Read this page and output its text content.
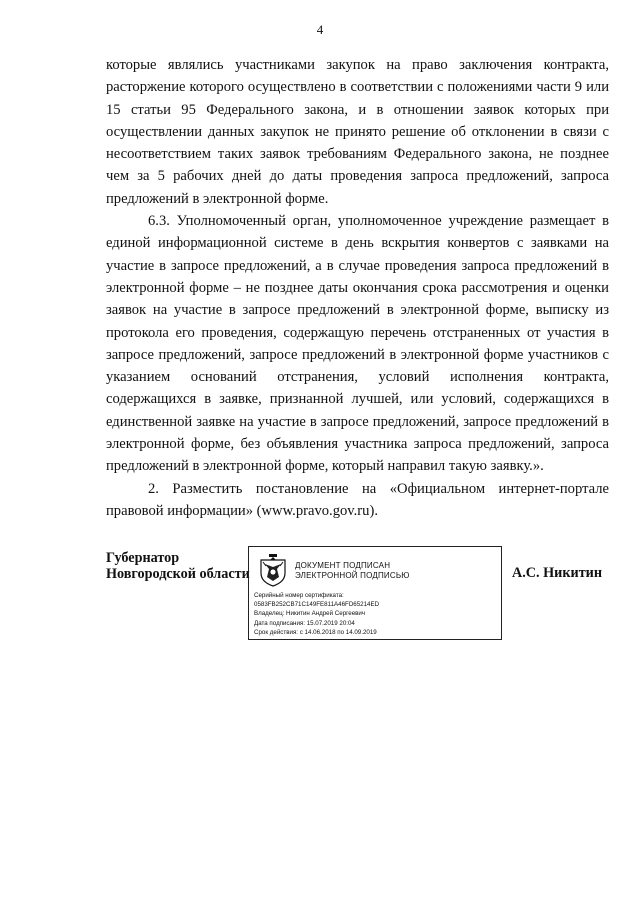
4

которые являлись участниками закупок на право заключения контракта, расторжение которого осуществлено в соответствии с положениями части 9 или 15 статьи 95 Федерального закона, и в отношении заявок которых при осуществлении данных закупок не принято решение об отклонении в связи с несоответствием таких заявок требованиям Федерального закона, не позднее чем за 5 рабочих дней до даты проведения запроса предложений, запроса предложений в электронной форме.

6.3. Уполномоченный орган, уполномоченное учреждение размещает в единой информационной системе в день вскрытия конвертов с заявками на участие в запросе предложений, а в случае проведения запроса предложений в электронной форме – не позднее даты окончания срока рассмотрения и оценки заявок на участие в запросе предложений в электронной форме, выписку из протокола его проведения, содержащую перечень отстраненных от участия в запросе предложений, запросе предложений в электронной форме участников с указанием оснований отстранения, условий исполнения контракта, содержащихся в заявке, признанной лучшей, или условий, содержащихся в единственной заявке на участие в запросе предложений, запросе предложений в электронной форме, без объявления участника запроса предложений, запроса предложений в электронной форме, который направил такую заявку.».

2. Разместить постановление на «Официальном интернет-портале правовой информации» (www.pravo.gov.ru).

Губернатор
Новгородской области
ДОКУМЕНТ ПОДПИСАН
ЭЛЕКТРОННОЙ ПОДПИСЬЮ
Серийный номер сертификата:
0583FB252CB71C149FE811A46FD65214ED
Владелец: Никитин Андрей Сергеевич
Дата подписания: 15.07.2019 20:04
Срок действия: с 14.06.2018 по 14.09.2019
А.С. Никитин
